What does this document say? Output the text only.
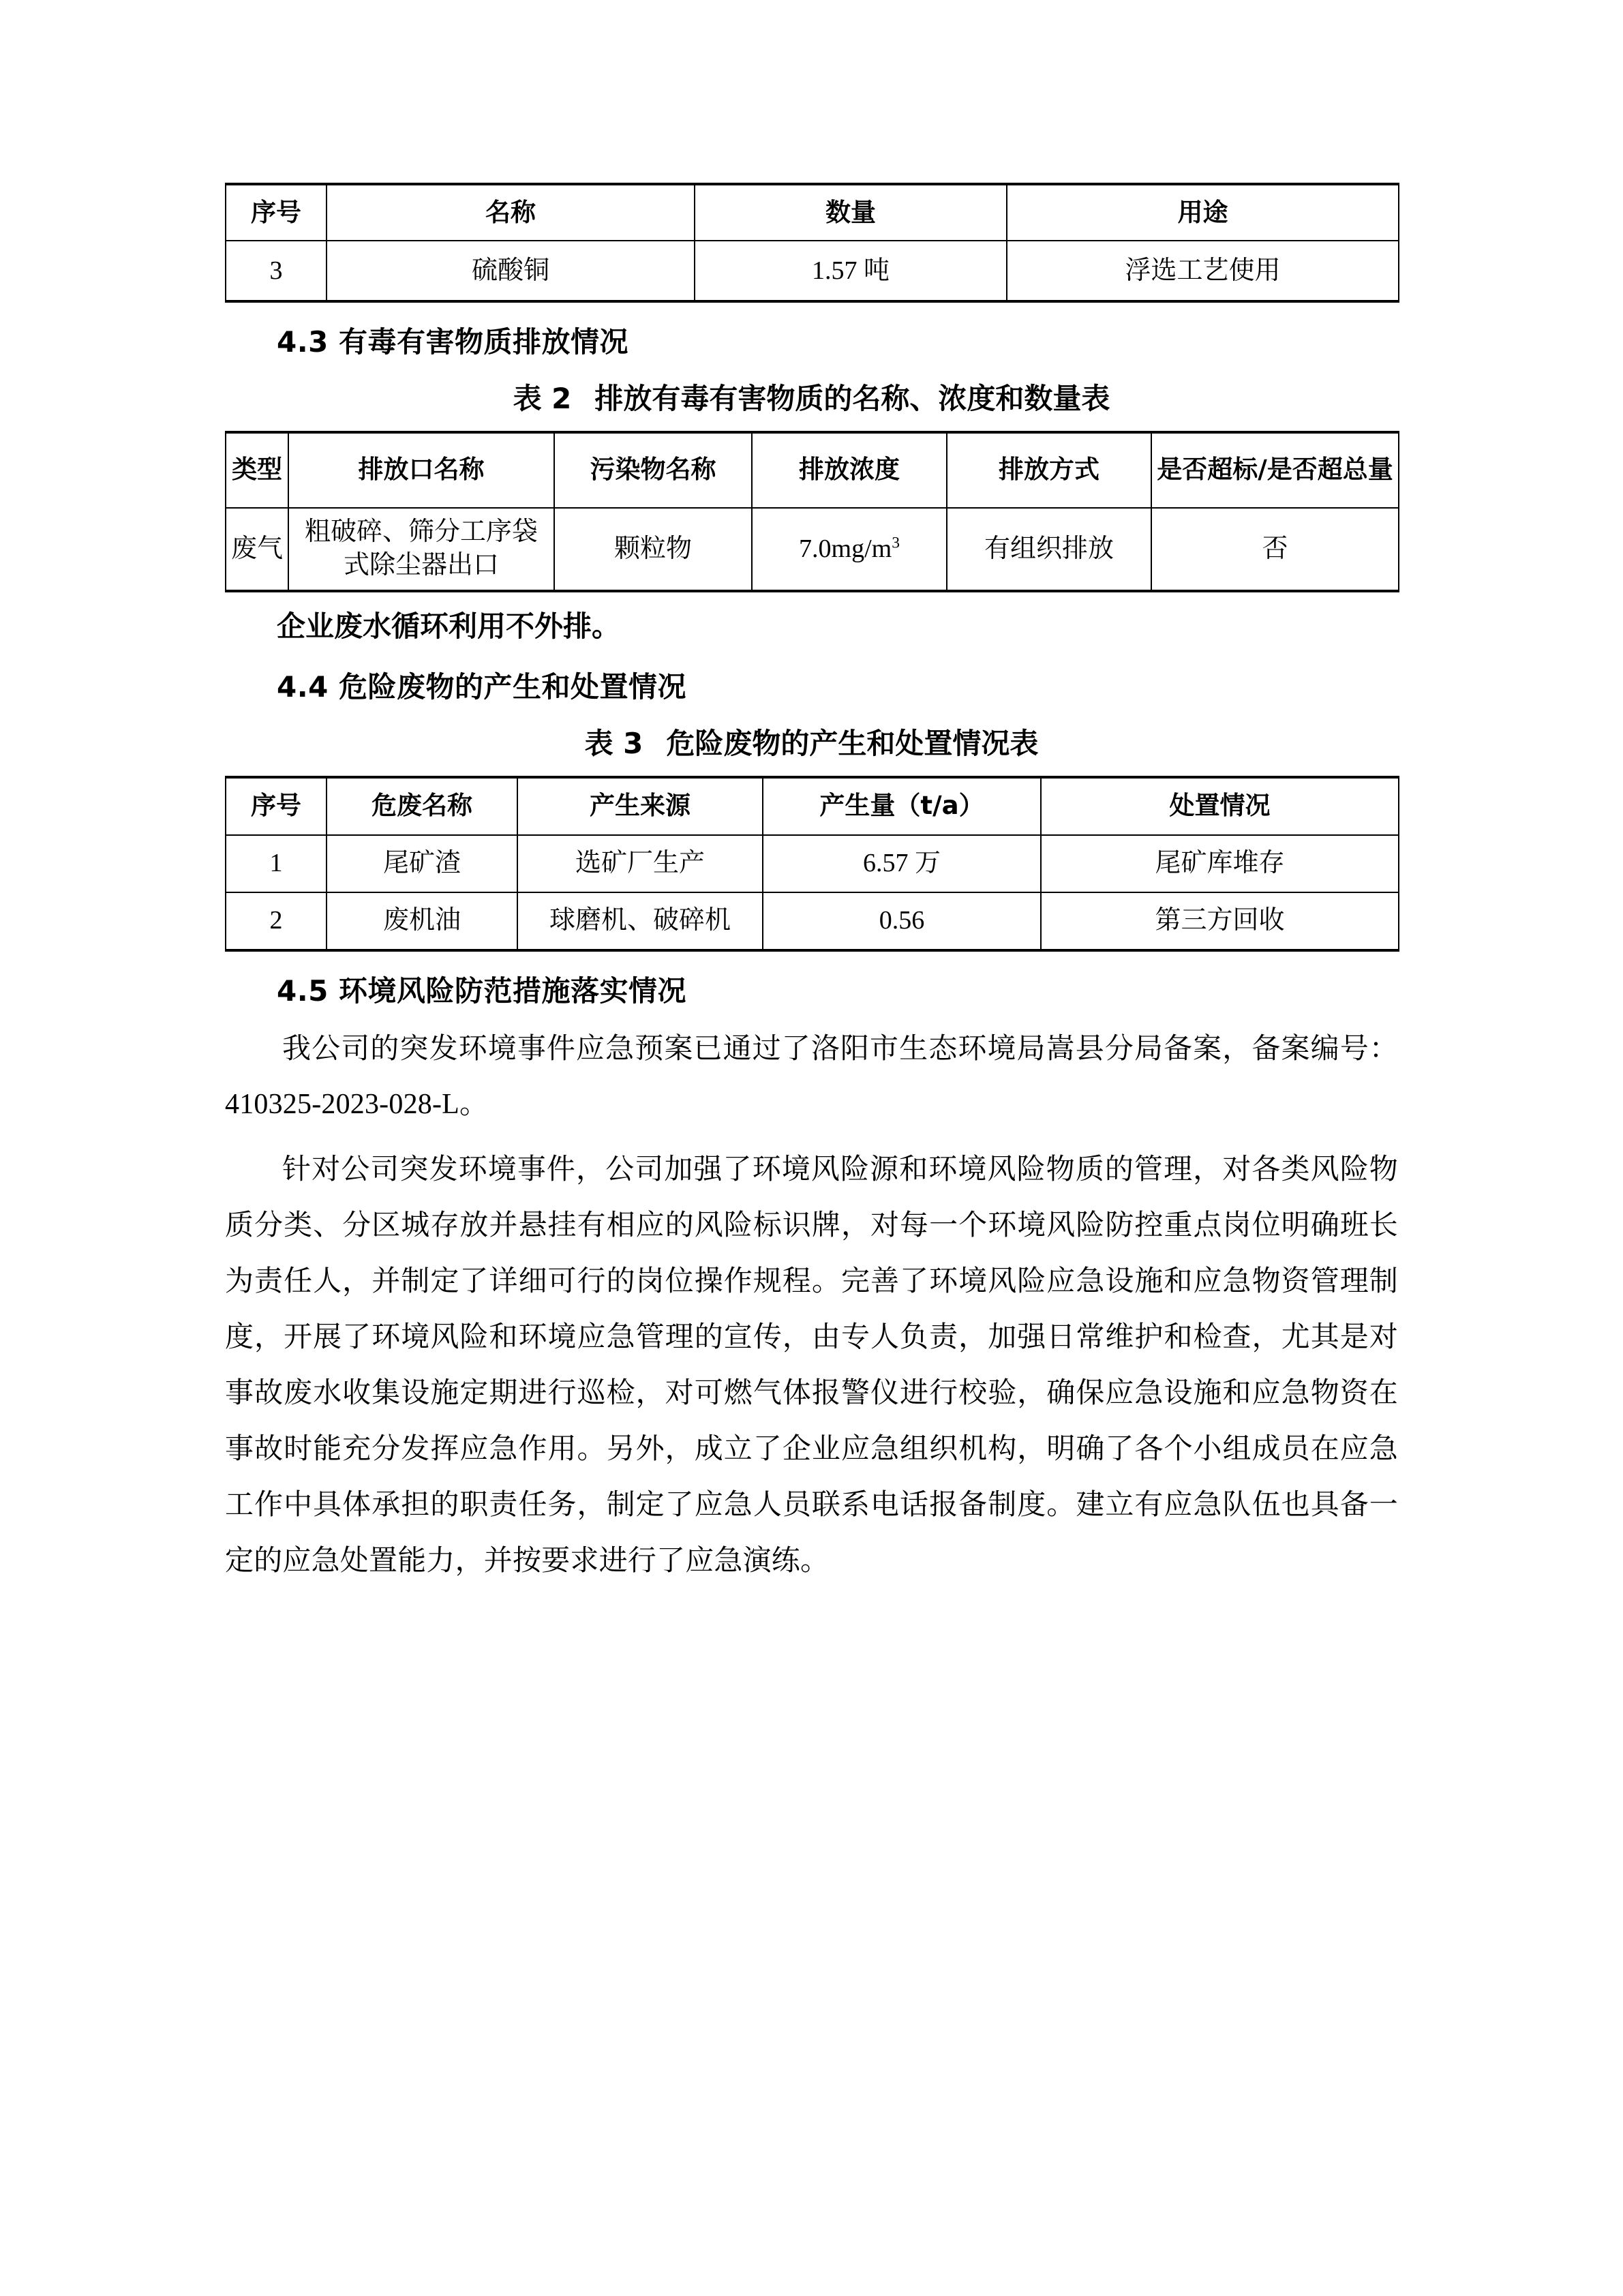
序号	名称	数量	用途
3	硫酸铜	1.57 吨	浮选工艺使用
4.3 有毒有害物质排放情况
表 2 排放有毒有害物质的名称、浓度和数量表
类型	排放口名称	污染物名称	排放浓度	排放方式	是否超标/是否超总量
废气	粗破碎、筛分工序袋式除尘器出口	颗粒物	$7.0mg/m^3$	有组织排放	否
企业废水循环利用不外排。
4.4 危险废物的产生和处置情况
表 3 危险废物的产生和处置情况表
序号	危废名称	产生来源	产生量（t/a）	处置情况
1	尾矿渣	选矿厂生产	6.57 万	尾矿库堆存
2	废机油	球磨机、破碎机	0.56	第三方回收
4.5 环境风险防范措施落实情况

我公司的突发环境事件应急预案已通过了洛阳市生态环境局嵩县分局备案，备案编号：410325-2023-028-L。

针对公司突发环境事件，公司加强了环境风险源和环境风险物质的管理，对各类风险物质分类、分区城存放并悬挂有相应的风险标识牌，对每一个环境风险防控重点岗位明确班长为责任人，并制定了详细可行的岗位操作规程。完善了环境风险应急设施和应急物资管理制度，开展了环境风险和环境应急管理的宣传，由专人负责，加强日常维护和检查，尤其是对事故废水收集设施定期进行巡检，对可燃气体报警仪进行校验，确保应急设施和应急物资在事故时能充分发挥应急作用。另外，成立了企业应急组织机构，明确了各个小组成员在应急工作中具体承担的职责任务，制定了应急人员联系电话报备制度。建立有应急队伍也具备一定的应急处置能力，并按要求进行了应急演练。
